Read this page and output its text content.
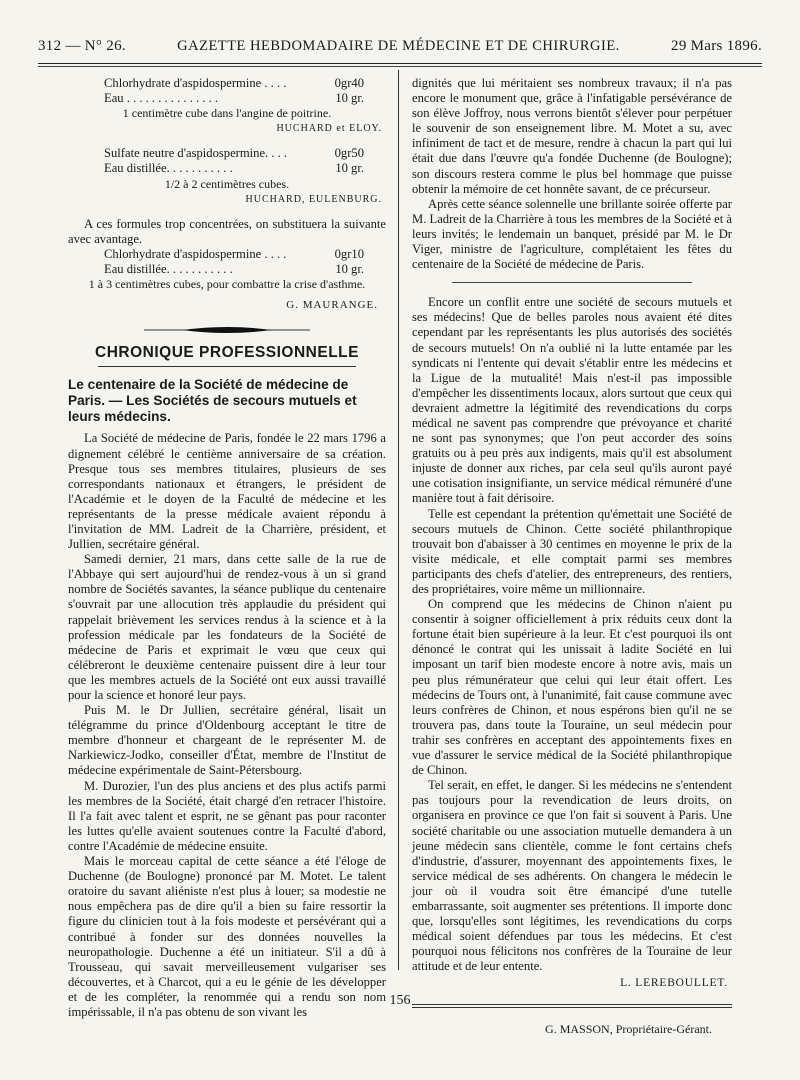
312 — N° 26.	GAZETTE HEBDOMADAIRE DE MÉDECINE ET DE CHIRURGIE.	29 Mars 1896.
Chlorhydrate d'aspidospermine . . . .	0gr40
Eau . . . . . . . . . . . . . . .	10 gr.

1 centimètre cube dans l'angine de poitrine.

HUCHARD et ELOY.

Sulfate neutre d'aspidospermine. . . .	0gr50
Eau distillée. . . . . . . . . . .	10 gr.

1/2 à 2 centimètres cubes.

HUCHARD, EULENBURG.

A ces formules trop concentrées, on substituera la suivante avec avantage.

Chlorhydrate d'aspidospermine . . . .	0gr10
Eau distillée. . . . . . . . . . .	10 gr.

1 à 3 centimètres cubes, pour combattre la crise d'asthme.

G. MAURANGE.

CHRONIQUE PROFESSIONNELLE
Le centenaire de la Société de médecine de Paris. — Les Sociétés de secours mutuels et leurs médecins.

La Société de médecine de Paris, fondée le 22 mars 1796 a dignement célébré le centième anniversaire de sa création. Presque tous ses membres titulaires, plusieurs de ses correspondants nationaux et étrangers, le président de l'Académie et le doyen de la Faculté de médecine et les représentants de la presse médicale avaient répondu à l'invitation de MM. Ladreit de la Charrière, président, et Jullien, secrétaire général.

Samedi dernier, 21 mars, dans cette salle de la rue de l'Abbaye qui sert aujourd'hui de rendez-vous à un si grand nombre de Sociétés savantes, la séance publique du centenaire s'ouvrait par une allocution très applaudie du président qui rappelait brièvement les services rendus à la science et à la profession médicale par les fondateurs de la Société de médecine de Paris et exprimait le vœu que ceux qui célébreront le deuxième centenaire puissent dire à leur tour que les membres actuels de la Société ont eux aussi travaillé pour la science et honoré leur pays.

Puis M. le Dr Jullien, secrétaire général, lisait un télégramme du prince d'Oldenbourg acceptant le titre de membre d'honneur et chargeant de le représenter M. de Narkiewicz-Jodko, conseiller d'État, membre de l'Institut de médecine expérimentale de Saint-Pétersbourg.

M. Durozier, l'un des plus anciens et des plus actifs parmi les membres de la Société, était chargé d'en retracer l'histoire. Il l'a fait avec talent et esprit, ne se gênant pas pour raconter les luttes qu'elle avaient soutenues contre la Faculté d'abord, contre l'Académie de médecine ensuite.

Mais le morceau capital de cette séance a été l'éloge de Duchenne (de Boulogne) prononcé par M. Motet. Le talent oratoire du savant aliéniste n'est plus à louer; sa modestie ne nous empêchera pas de dire qu'il a bien su faire ressortir la figure du clinicien tout à la fois modeste et persévérant qui a contribué à fonder sur des données nouvelles la neuropathologie. Duchenne a été un initiateur. S'il a dû à Trousseau, qui savait merveilleusement vulgariser ses découvertes, et à Charcot, qui a eu le génie de les développer et de les compléter, la renommée qui a rendu son nom impérissable, il n'a pas obtenu de son vivant les

dignités que lui méritaient ses nombreux travaux; il n'a pas encore le monument que, grâce à l'infatigable persévérance de son élève Joffroy, nous verrons bientôt s'élever pour perpétuer le souvenir de son enseignement libre. M. Motet a su, avec infiniment de tact et de mesure, rendre à chacun la part qui lui était due dans l'œuvre qu'a fondée Duchenne (de Boulogne); son discours restera comme le plus bel hommage que puisse obtenir la mémoire de cet honnête savant, de ce précurseur.

Après cette séance solennelle une brillante soirée offerte par M. Ladreit de la Charrière à tous les membres de la Société et à leurs invités; le lendemain un banquet, présidé par M. le Dr Viger, ministre de l'agriculture, complétaient les fêtes du centenaire de la Société de médecine de Paris.

Encore un conflit entre une société de secours mutuels et ses médecins! Que de belles paroles nous avaient été dites cependant par les représentants les plus autorisés des sociétés de secours mutuels! On n'a oublié ni la lutte entamée par les syndicats ni l'entente qui devait s'établir entre les médecins et la Ligue de la mutualité! Mais n'est-il pas impossible d'empêcher les dissentiments locaux, alors surtout que ceux qui devraient admettre la légitimité des revendications du corps médical ne savent pas comprendre que prévoyance et charité ne sont pas synonymes; que l'on peut accorder des soins gratuits ou à peu près aux indigents, mais qu'il est absolument injuste de donner aux riches, par cela seul qu'ils auront payé une cotisation insignifiante, un service médical rémunéré d'une manière tout à fait dérisoire.

Telle est cependant la prétention qu'émettait une Société de secours mutuels de Chinon. Cette société philanthropique trouvait bon d'abaisser à 30 centimes en moyenne le prix de la visite médicale, et elle comptait parmi ses membres participants des chefs d'atelier, des entrepreneurs, des rentiers, des propriétaires, voire même un millionnaire.

On comprend que les médecins de Chinon n'aient pu consentir à soigner officiellement à prix réduits ceux dont la fortune était bien supérieure à la leur. Et c'est pourquoi ils ont dénoncé le contrat qui les unissait à ladite Société en lui imposant un tarif bien modeste encore à notre avis, mais un peu plus rémunérateur que celui qui leur était offert. Les médecins de Tours ont, à l'unanimité, fait cause commune avec leurs confrères de Chinon, et nous espérons bien qu'il ne se trouvera pas, dans toute la Touraine, un seul médecin pour trahir ses confrères en acceptant des appointements fixes en vue d'assurer le service médical de la Société philanthropique de Chinon.

Tel serait, en effet, le danger. Si les médecins ne s'entendent pas toujours pour la revendication de leurs droits, on organisera en province ce que l'on fait si souvent à Paris. Une société charitable ou une association mutuelle demandera à un jeune médecin sans clientèle, comme le font certains chefs d'industrie, d'assurer, moyennant des appointements fixes, le service médical de ses adhérents. On changera le médecin le jour où il voudra soit être émancipé d'une tutelle embarrassante, soit augmenter ses prétentions. Il importe donc que, lorsqu'elles sont légitimes, les revendications du corps médical soient défendues par tous les médecins. Et c'est pourquoi nous félicitons nos confrères de la Touraine de leur attitude et de leur entente.

L. LEREBOULLET.

G. MASSON, Propriétaire-Gérant.

156
